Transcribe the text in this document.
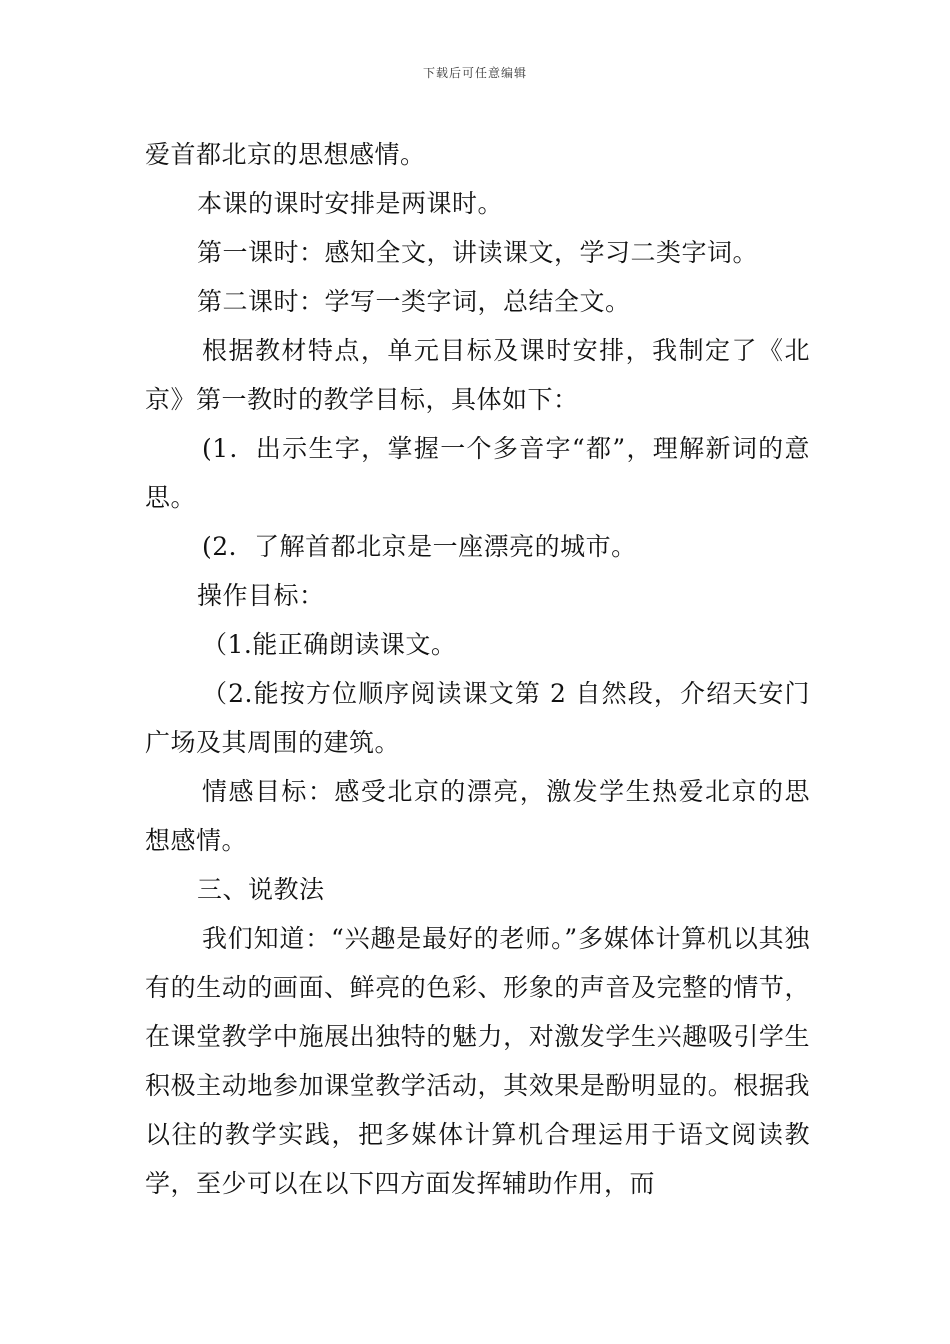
下载后可任意编辑

爱首都北京的思想感情。

本课的课时安排是两课时。

第一课时：感知全文，讲读课文，学习二类字词。

第二课时：学写一类字词，总结全文。

根据教材特点，单元目标及课时安排，我制定了《北京》第一教时的教学目标，具体如下：

(1．出示生字，掌握一个多音字“都”，理解新词的意思。

(2．了解首都北京是一座漂亮的城市。

操作目标：

（1.能正确朗读课文。

（2.能按方位顺序阅读课文第 2 自然段，介绍天安门广场及其周围的建筑。

情感目标：感受北京的漂亮，激发学生热爱北京的思想感情。

三、说教法

我们知道：“兴趣是最好的老师。”多媒体计算机以其独有的生动的画面、鲜亮的色彩、形象的声音及完整的情节，在课堂教学中施展出独特的魅力，对激发学生兴趣吸引学生积极主动地参加课堂教学活动，其效果是酚明显的。根据我以往的教学实践，把多媒体计算机合理运用于语文阅读教学，至少可以在以下四方面发挥辅助作用，而
